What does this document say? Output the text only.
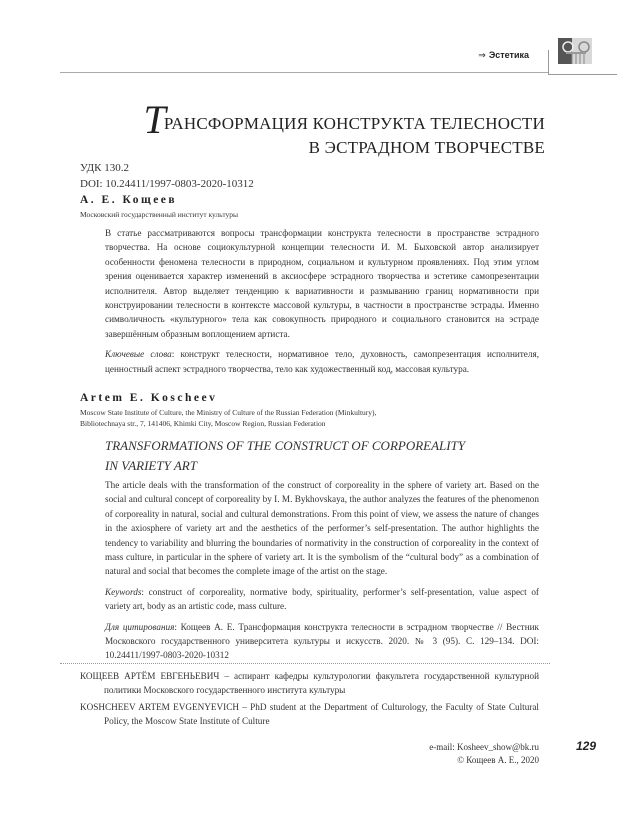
⇒ Эстетика
ТРАНСФОРМАЦИЯ КОНСТРУКТА ТЕЛЕСНОСТИ
В ЭСТРАДНОМ ТВОРЧЕСТВЕ
УДК 130.2
DOI: 10.24411/1997-0803-2020-10312
А. Е. Кощеев
Московский государственный институт культуры

В статье рассматриваются вопросы трансформации конструкта телесности в пространстве эстрадного творчества. На основе социокультурной концепции телесности И. М. Быховской автор анализирует особенности феномена телесности в природном, социальном и культурном проявлениях. Под этим углом зрения оценивается характер изменений в аксиосфере эстрадного творчества и эстетике самопрезентации исполнителя. Автор выделяет тенденцию к вариативности и размыванию границ нормативности при конструировании телесности в контексте массовой культуры, в частности в пространстве эстрады. Именно символичность «культурного» тела как совокупность природного и социального становится на эстраде завершённым образным воплощением артиста.

Ключевые слова: конструкт телесности, нормативное тело, духовность, самопрезентация исполнителя, ценностный аспект эстрадного творчества, тело как художественный код, массовая культура.

Artem E. Koscheev
Moscow State Institute of Culture, the Ministry of Culture of the Russian Federation (Minkultury),
Bibliotechnaya str., 7, 141406, Khimki City, Moscow Region, Russian Federation
TRANSFORMATIONS OF THE CONSTRUCT OF CORPOREALITY
IN VARIETY ART

The article deals with the transformation of the construct of corporeality in the sphere of variety art. Based on the social and cultural concept of corporeality by I. M. Bykhovskaya, the author analyzes the features of the phenomenon of corporeality in natural, social and cultural demonstrations. From this point of view, we assess the nature of changes in the axiosphere of variety art and the aesthetics of the performer’s self-presentation. The author highlights the tendency to variability and blurring the boundaries of normativity in the construction of corporeality in the context of mass culture, in particular in the sphere of variety art. It is the symbolism of the “cultural body” as a combination of natural and social that becomes the complete image of the artist on the stage.

Keywords: construct of corporeality, normative body, spirituality, performer’s self-presentation, value aspect of variety art, body as an artistic code, mass culture.

Для цитирования: Кощеев А. Е. Трансформация конструкта телесности в эстрадном творчестве // Вестник Московского государственного университета культуры и искусств. 2020. № 3 (95). С. 129–134. DOI: 10.24411/1997-0803-2020-10312

КОЩЕЕВ АРТЁМ ЕВГЕНЬЕВИЧ – аспирант кафедры культурологии факультета государственной культурной политики Московского государственного института культуры

KOSHCHEEV ARTEM EVGENYEVICH – PhD student at the Department of Culturology, the Faculty of State Cultural Policy, the Moscow State Institute of Culture

e-mail: Kosheev_show@bk.ru
© Кощеев А. Е., 2020
129
